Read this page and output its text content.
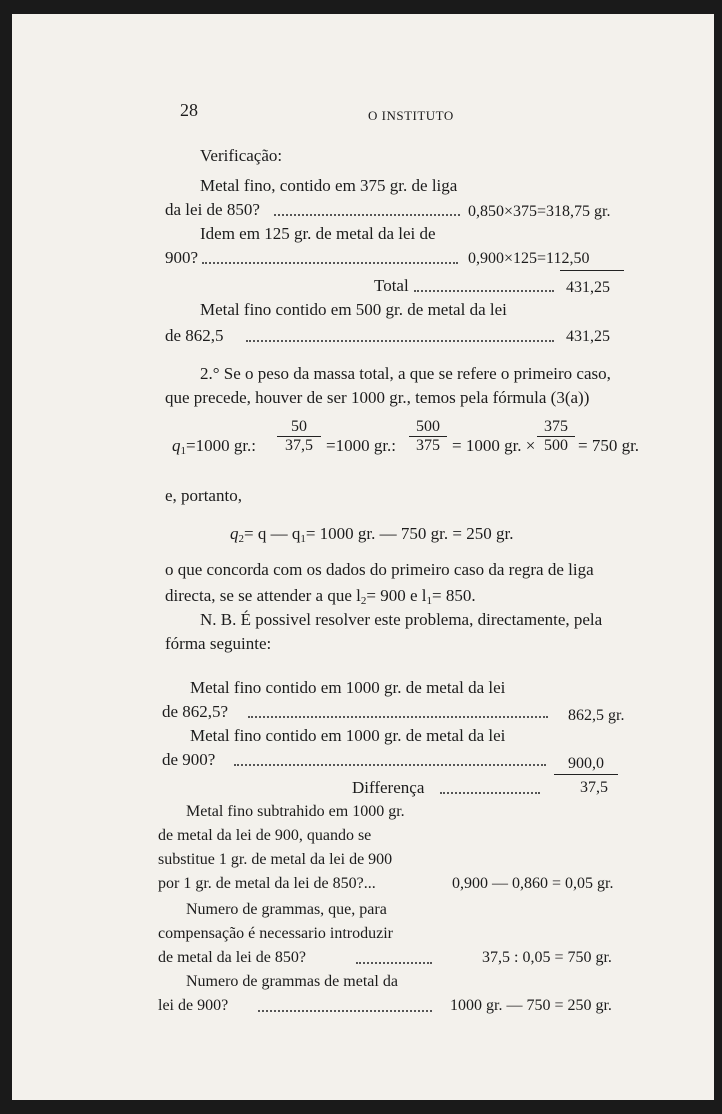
28	O INSTITUTO
Verificação:
Metal fino, contido em 375 gr. de liga
da lei de 850?	0,850×375=318,75 gr.
Idem em 125 gr. de metal da lei de
900?	0,900×125=112,50
Total	431,25
Metal fino contido em 500 gr. de metal da lei
de 862,5	431,25
2.° Se o peso da massa total, a que se refere o primeiro caso,
que precede, houver de ser 1000 gr., temos pela fórmula (3(a))
$q_1=1000$ gr.:
50
37,5 =1000 gr.:
500
375 = 1000 gr. ×
375
500 = 750 gr.
e, portanto,
$q_2= q$ — $q_1= 1000$ gr. — 750 gr. = 250 gr.
o que concorda com os dados do primeiro caso da regra de liga
directa, se se attender a que $l_2= 900$ e $l_1= 850$.
N. B. É possivel resolver este problema, directamente, pela
fórma seguinte:
Metal fino contido em 1000 gr. de metal da lei
de 862,5?	862,5 gr.
Metal fino contido em 1000 gr. de metal da lei
de 900?	900,0
Differença	37,5
Metal fino subtrahido em 1000 gr.
de metal da lei de 900, quando se
substitue 1 gr. de metal da lei de 900
por 1 gr. de metal da lei de 850?...	0,900 — 0,860 = 0,05 gr.
Numero de grammas, que, para
compensação é necessario introduzir
de metal da lei de 850?	37,5 : 0,05 = 750 gr.
Numero de grammas de metal da
lei de 900?	1000 gr. — 750 = 250 gr.
